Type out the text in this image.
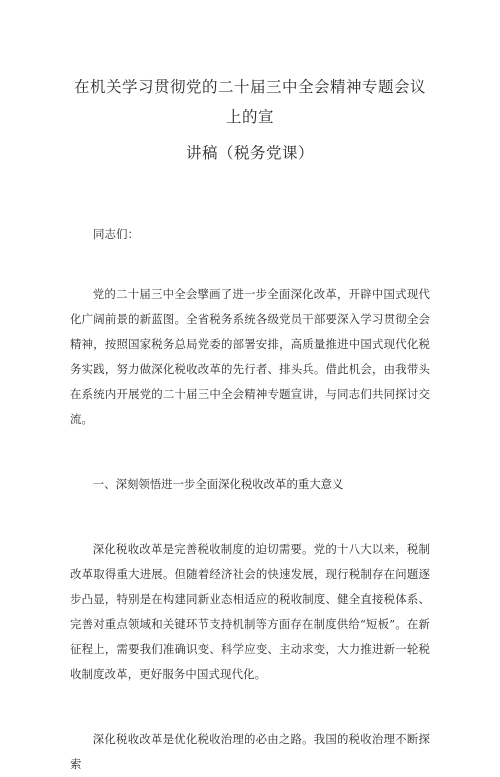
在机关学习贯彻党的二十届三中全会精神专题会议上的宣
讲稿（税务党课）

同志们：

党的二十届三中全会擘画了进一步全面深化改革，开辟中国式现代化广阔前景的新蓝图。全省税务系统各级党员干部要深入学习贯彻全会精神，按照国家税务总局党委的部署安排，高质量推进中国式现代化税务实践，努力做深化税收改革的先行者、排头兵。借此机会，由我带头在系统内开展党的二十届三中全会精神专题宣讲，与同志们共同探讨交流。

一、深刻领悟进一步全面深化税收改革的重大意义

深化税收改革是完善税收制度的迫切需要。党的十八大以来，税制改革取得重大进展。但随着经济社会的快速发展，现行税制存在问题逐步凸显，特别是在构建同新业态相适应的税收制度、健全直接税体系、完善对重点领域和关键环节支持机制等方面存在制度供给“短板”。在新征程上，需要我们准确识变、科学应变、主动求变，大力推进新一轮税收制度改革，更好服务中国式现代化。

深化税收改革是优化税收治理的必由之路。我国的税收治理不断探索
